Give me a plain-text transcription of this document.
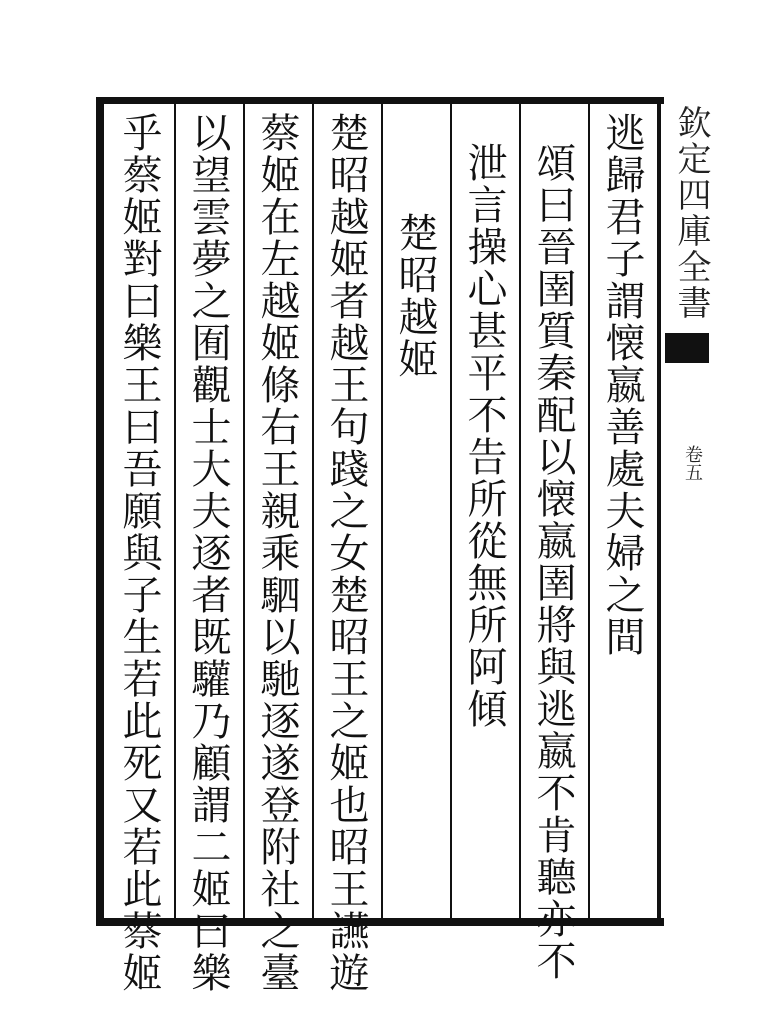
欽定四庫全書
卷五
逃歸君子謂懐嬴善處夫婦之間
頌曰晉圉質秦配以懐嬴圉將與逃嬴不肯聽亦不
泄言操心甚平不告所從無所阿傾
楚昭越姬
楚昭越姬者越王句踐之女楚昭王之姬也昭王讌遊
蔡姬在左越姬條右王親乘駟以馳逐遂登附社之臺
以望雲夢之囿觀士大夫逐者既驩乃顧謂二姬曰樂
乎蔡姬對曰樂王曰吾願與子生若此死又若此蔡姬
